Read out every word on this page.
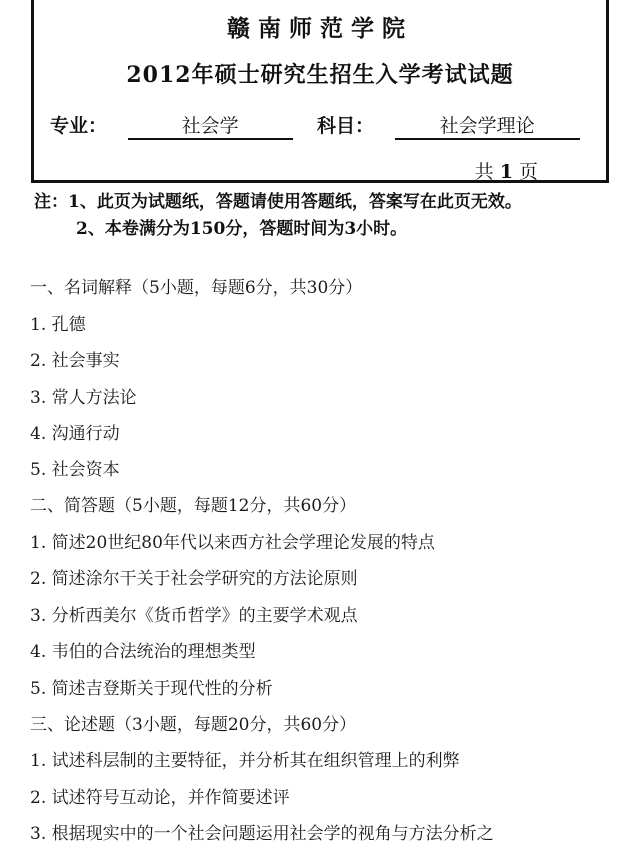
赣南师范学院
2012年硕士研究生招生入学考试试题
专业：	社会学	科目：	社会学理论
共 1 页
注：1、此页为试题纸，答题请使用答题纸，答案写在此页无效。
2、本卷满分为150分，答题时间为3小时。
一、名词解释（5小题，每题6分，共30分）
1. 孔德
2. 社会事实
3. 常人方法论
4. 沟通行动
5. 社会资本
二、简答题（5小题，每题12分，共60分）
1. 简述20世纪80年代以来西方社会学理论发展的特点
2. 简述涂尔干关于社会学研究的方法论原则
3. 分析西美尔《货币哲学》的主要学术观点
4. 韦伯的合法统治的理想类型
5. 简述吉登斯关于现代性的分析
三、论述题（3小题，每题20分，共60分）
1. 试述科层制的主要特征，并分析其在组织管理上的利弊
2. 试述符号互动论，并作简要述评
3. 根据现实中的一个社会问题运用社会学的视角与方法分析之
